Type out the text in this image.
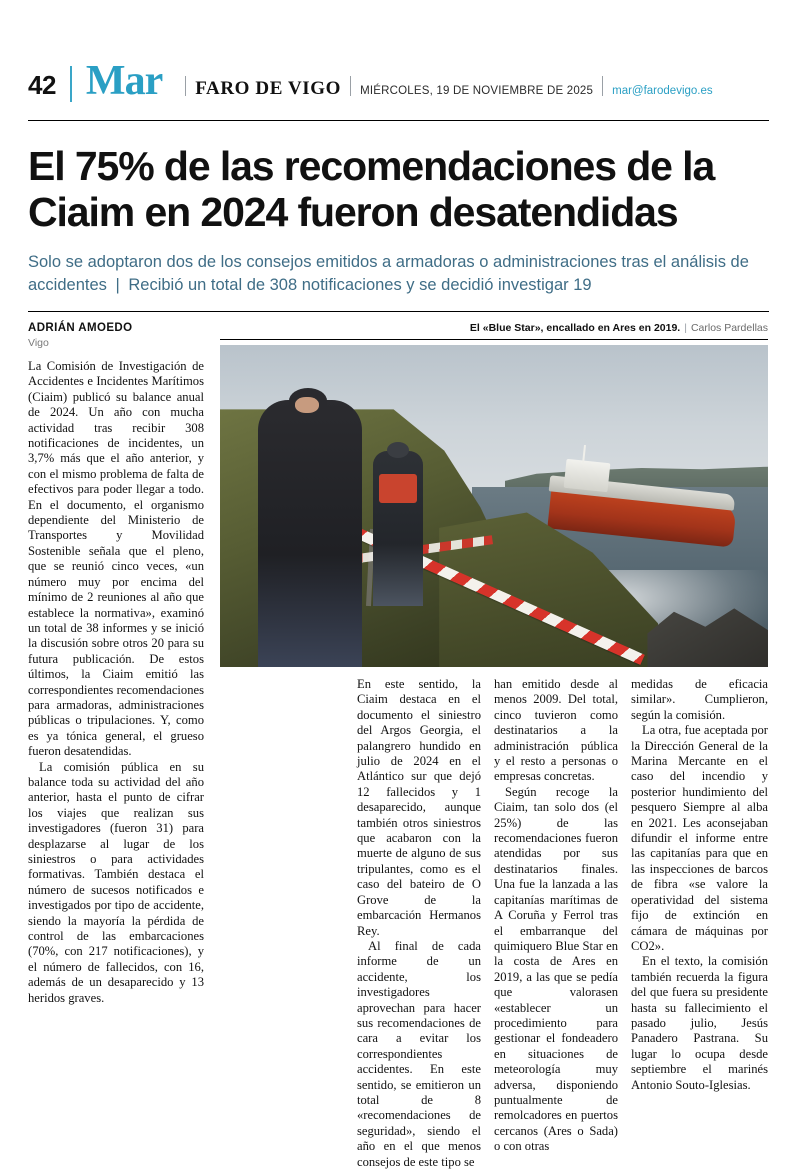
42 Mar FARO DE VIGO MIÉRCOLES, 19 DE NOVIEMBRE DE 2025 mar@farodevigo.es
El 75% de las recomendaciones de la Ciaim en 2024 fueron desatendidas
Solo se adoptaron dos de los consejos emitidos a armadoras o administraciones tras el análisis de accidentes | Recibió un total de 308 notificaciones y se decidió investigar 19
ADRIÁN AMOEDO
Vigo

La Comisión de Investigación de Accidentes e Incidentes Marítimos (Ciaim) publicó su balance anual de 2024. Un año con mucha actividad tras recibir 308 notificaciones de incidentes, un 3,7% más que el año anterior, y con el mismo problema de falta de efectivos para poder llegar a todo. En el documento, el organismo dependiente del Ministerio de Transportes y Movilidad Sostenible señala que el pleno, que se reunió cinco veces, «un número muy por encima del mínimo de 2 reuniones al año que establece la normativa», examinó un total de 38 informes y se inició la discusión sobre otros 20 para su futura publicación. De estos últimos, la Ciaim emitió las correspondientes recomendaciones para armadoras, administraciones públicas o tripulaciones. Y, como es ya tónica general, el grueso fueron desatendidas.

La comisión pública en su balance toda su actividad del año anterior, hasta el punto de cifrar los viajes que realizan sus investigadores (fueron 31) para desplazarse al lugar de los siniestros o para actividades formativas. También destaca el número de sucesos notificados e investigados por tipo de accidente, siendo la mayoría la pérdida de control de las embarcaciones (70%, con 217 notificaciones), y el número de fallecidos, con 16, además de un desaparecido y 13 heridos graves.

El «Blue Star», encallado en Ares en 2019. | Carlos Pardellas

En este sentido, la Ciaim destaca en el documento el siniestro del Argos Georgia, el palangrero hundido en julio de 2024 en el Atlántico sur que dejó 12 fallecidos y 1 desaparecido, aunque también otros siniestros que acabaron con la muerte de alguno de sus tripulantes, como es el caso del bateiro de O Grove de la embarcación Hermanos Rey.

Al final de cada informe de un accidente, los investigadores aprovechan para hacer sus recomendaciones de cara a evitar los correspondientes accidentes. En este sentido, se emitieron un total de 8 «recomendaciones de seguridad», siendo el año en el que menos consejos de este tipo se

han emitido desde al menos 2009. Del total, cinco tuvieron como destinatarios a la administración pública y el resto a personas o empresas concretas.

Según recoge la Ciaim, tan solo dos (el 25%) de las recomendaciones fueron atendidas por sus destinatarios finales. Una fue la lanzada a las capitanías marítimas de A Coruña y Ferrol tras el embarranque del quimiquero Blue Star en la costa de Ares en 2019, a las que se pedía que valorasen «establecer un procedimiento para gestionar el fondeadero en situaciones de meteorología muy adversa, disponiendo puntualmente de remolcadores en puertos cercanos (Ares o Sada) o con otras

medidas de eficacia similar». Cumplieron, según la comisión.

La otra, fue aceptada por la Dirección General de la Marina Mercante en el caso del incendio y posterior hundimiento del pesquero Siempre al alba en 2021. Les aconsejaban difundir el informe entre las capitanías para que en las inspecciones de barcos de fibra «se valore la operatividad del sistema fijo de extinción en cámara de máquinas por CO2».

En el texto, la comisión también recuerda la figura del que fuera su presidente hasta su fallecimiento el pasado julio, Jesús Panadero Pastrana. Su lugar lo ocupa desde septiembre el marinés Antonio Souto-Iglesias.
